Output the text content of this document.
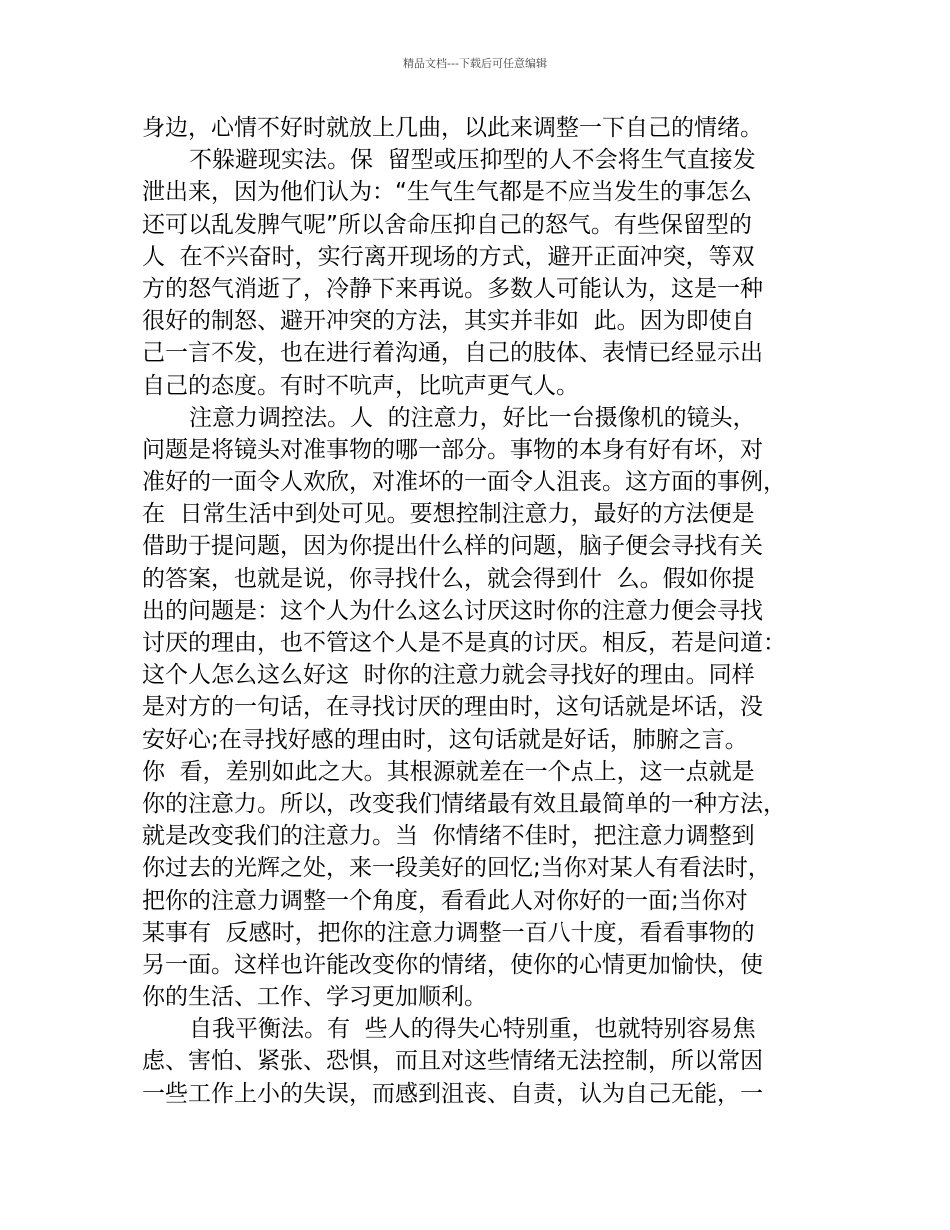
精品文档---下载后可任意编辑
身边，心情不好时就放上几曲，以此来调整一下自己的情绪。
不躲避现实法。保  留型或压抑型的人不会将生气直接发
泄出来，因为他们认为：“生气生气都是不应当发生的事怎么
还可以乱发脾气呢”所以舍命压抑自己的怒气。有些保留型的
人  在不兴奋时，实行离开现场的方式，避开正面冲突，等双
方的怒气消逝了，冷静下来再说。多数人可能认为，这是一种
很好的制怒、避开冲突的方法，其实并非如  此。因为即使自
己一言不发，也在进行着沟通，自己的肢体、表情已经显示出
自己的态度。有时不吭声，比吭声更气人。
注意力调控法。人  的注意力，好比一台摄像机的镜头，
问题是将镜头对准事物的哪一部分。事物的本身有好有坏，对
准好的一面令人欢欣，对准坏的一面令人沮丧。这方面的事例，
在  日常生活中到处可见。要想控制注意力，最好的方法便是
借助于提问题，因为你提出什么样的问题，脑子便会寻找有关
的答案，也就是说，你寻找什么，就会得到什  么。假如你提
出的问题是：这个人为什么这么讨厌这时你的注意力便会寻找
讨厌的理由，也不管这个人是不是真的讨厌。相反，若是问道：
这个人怎么这么好这  时你的注意力就会寻找好的理由。同样
是对方的一句话，在寻找讨厌的理由时，这句话就是坏话，没
安好心;在寻找好感的理由时，这句话就是好话，肺腑之言。
你  看，差别如此之大。其根源就差在一个点上，这一点就是
你的注意力。所以，改变我们情绪最有效且最简单的一种方法，
就是改变我们的注意力。当  你情绪不佳时，把注意力调整到
你过去的光辉之处，来一段美好的回忆;当你对某人有看法时，
把你的注意力调整一个角度，看看此人对你好的一面;当你对
某事有  反感时，把你的注意力调整一百八十度，看看事物的
另一面。这样也许能改变你的情绪，使你的心情更加愉快，使
你的生活、工作、学习更加顺利。
自我平衡法。有  些人的得失心特别重，也就特别容易焦
虑、害怕、紧张、恐惧，而且对这些情绪无法控制，所以常因
一些工作上小的失误，而感到沮丧、自责，认为自己无能，一
